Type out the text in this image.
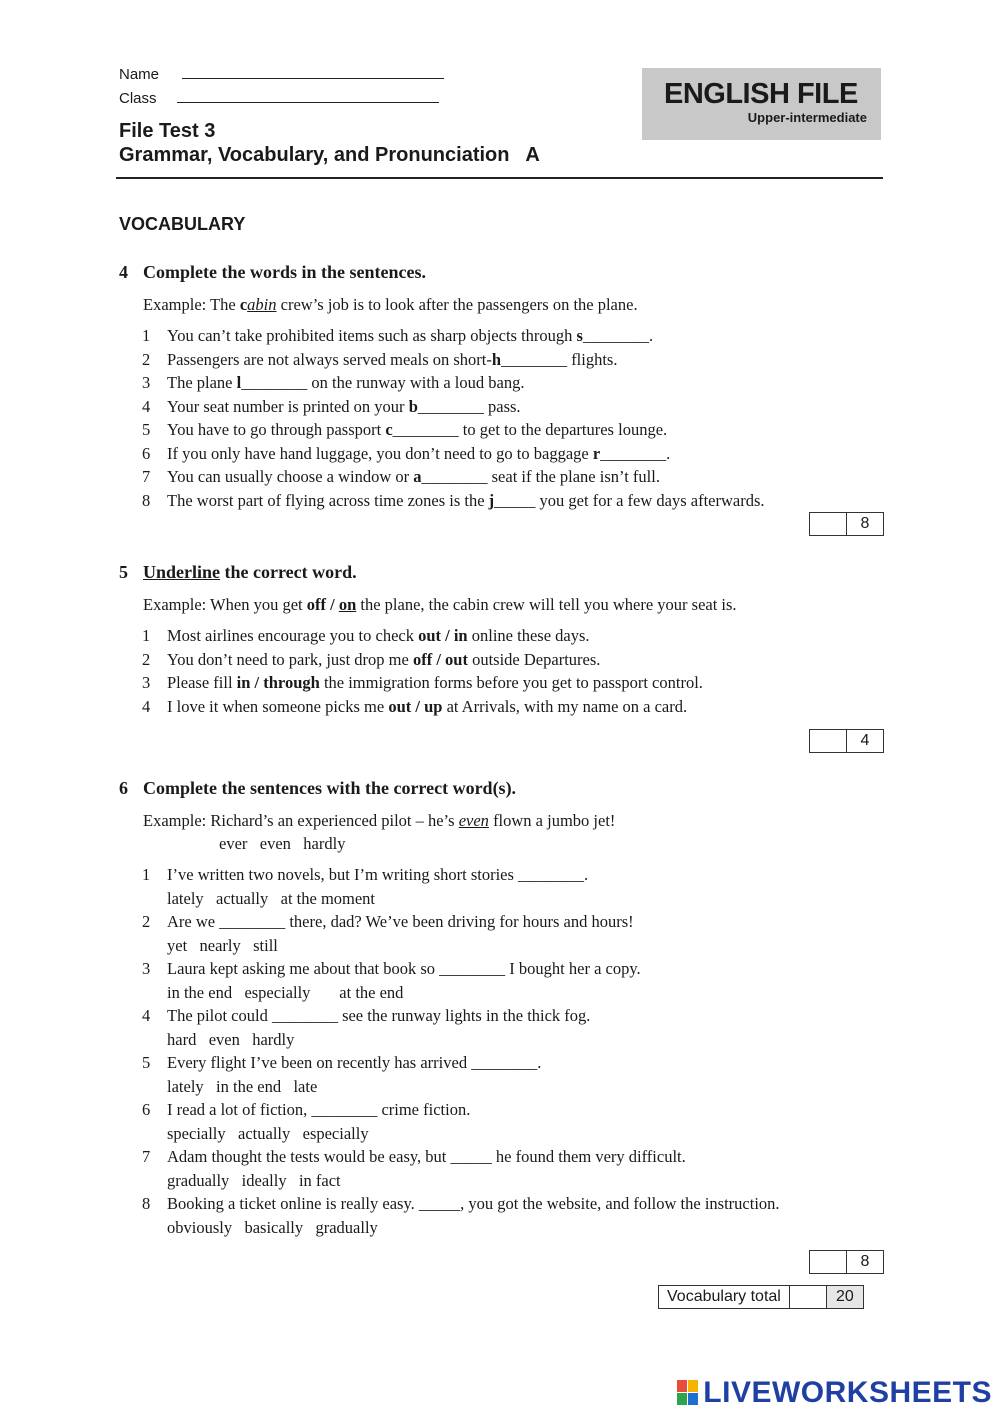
Name
Class	ENGLISH FILE
Upper-intermediate
File Test 3
Grammar, Vocabulary, and Pronunciation A
VOCABULARY
4 Complete the words in the sentences.
Example: The cabin crew’s job is to look after the passengers on the plane.
1 You can’t take prohibited items such as sharp objects through s________.
2 Passengers are not always served meals on short-h________ flights.
3 The plane l________ on the runway with a loud bang.
4 Your seat number is printed on your b________ pass.
5 You have to go through passport c________ to get to the departures lounge.
6 If you only have hand luggage, you don’t need to go to baggage r________.
7 You can usually choose a window or a________ seat if the plane isn’t full.
8 The worst part of flying across time zones is the j_____ you get for a few days afterwards.
8
5 Underline the correct word.
Example: When you get off / on the plane, the cabin crew will tell you where your seat is.
1 Most airlines encourage you to check out / in online these days.
2 You don’t need to park, just drop me off / out outside Departures.
3 Please fill in / through the immigration forms before you get to passport control.
4 I love it when someone picks me out / up at Arrivals, with my name on a card.
4
6 Complete the sentences with the correct word(s).
Example: Richard’s an experienced pilot – he’s even flown a jumbo jet!
ever   even   hardly
1 I’ve written two novels, but I’m writing short stories ________.
lately   actually   at the moment
2 Are we ________ there, dad? We’ve been driving for hours and hours!
yet   nearly   still
3 Laura kept asking me about that book so ________ I bought her a copy.
in the end   especially       at the end
4 The pilot could ________ see the runway lights in the thick fog.
hard   even   hardly
5 Every flight I’ve been on recently has arrived ________.
lately   in the end   late
6 I read a lot of fiction, ________ crime fiction.
specially   actually   especially
7 Adam thought the tests would be easy, but _____ he found them very difficult.
gradually   ideally   in fact
8 Booking a ticket online is really easy. _____, you got the website, and follow the instruction.
obviously   basically   gradually
8
Vocabulary total	20
LIVEWORKSHEETS
